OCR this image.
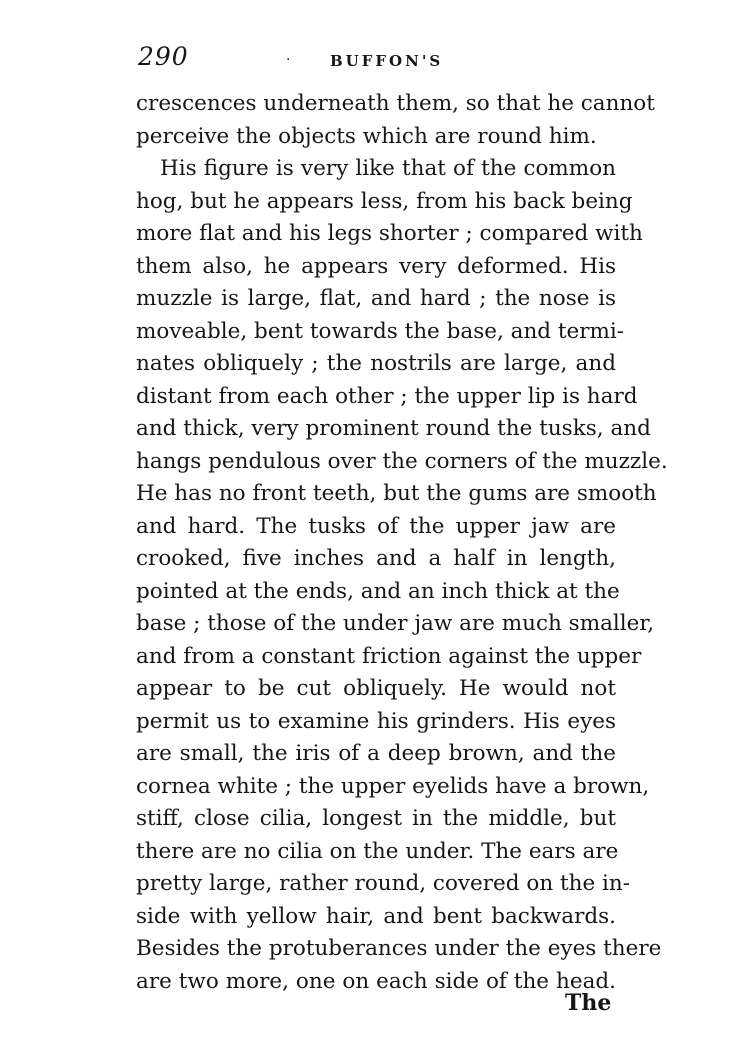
290	·	BUFFON'S
crescences underneath them, so that he cannot
perceive the objects which are round him.
His figure is very like that of the common
hog, but he appears less, from his back being
more flat and his legs shorter ; compared with
them also, he appears very deformed. His
muzzle is large, flat, and hard ; the nose is
moveable, bent towards the base, and termi-
nates obliquely ; the nostrils are large, and
distant from each other ; the upper lip is hard
and thick, very prominent round the tusks, and
hangs pendulous over the corners of the muzzle.
He has no front teeth, but the gums are smooth
and hard. The tusks of the upper jaw are
crooked, five inches and a half in length,
pointed at the ends, and an inch thick at the
base ; those of the under jaw are much smaller,
and from a constant friction against the upper
appear to be cut obliquely. He would not
permit us to examine his grinders. His eyes
are small, the iris of a deep brown, and the
cornea white ; the upper eyelids have a brown,
stiff, close cilia, longest in the middle, but
there are no cilia on the under. The ears are
pretty large, rather round, covered on the in-
side with yellow hair, and bent backwards.
Besides the protuberances under the eyes there
are two more, one on each side of the head.
The
